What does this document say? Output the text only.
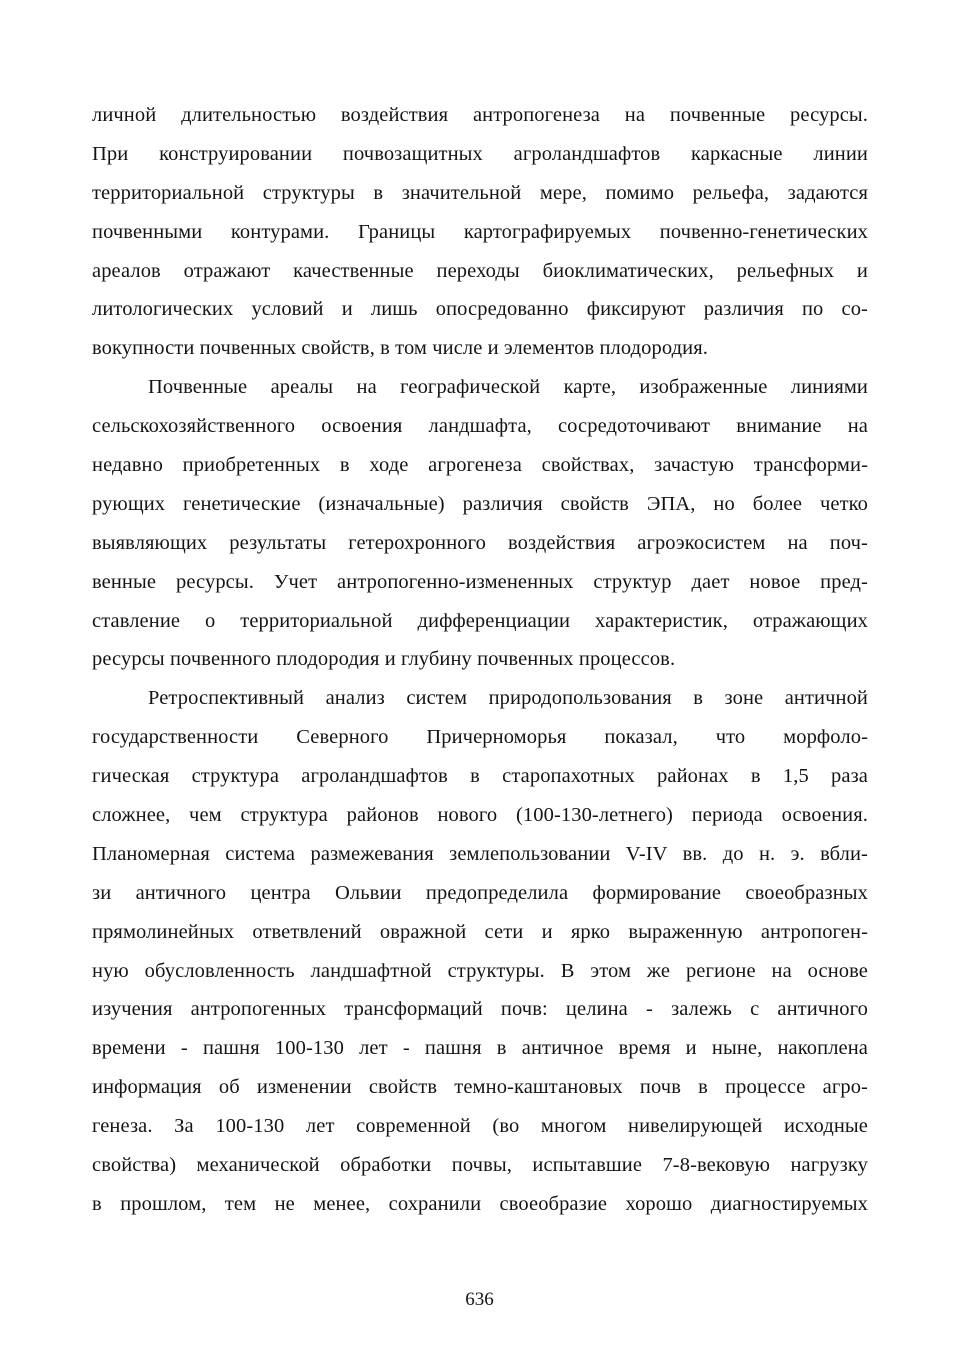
личной длительностью воздействия антропогенеза на почвенные ресурсы.
При конструировании почвозащитных агроландшафтов каркасные линии
территориальной структуры в значительной мере, помимо рельефа, задаются
почвенными контурами. Границы картографируемых почвенно-генетических
ареалов отражают качественные переходы биоклиматических, рельефных и
литологических условий и лишь опосредованно фиксируют различия по со-
вокупности почвенных свойств, в том числе и элементов плодородия.
Почвенные ареалы на географической карте, изображенные линиями
сельскохозяйственного освоения ландшафта, сосредоточивают внимание на
недавно приобретенных в ходе агрогенеза свойствах, зачастую трансформи-
рующих генетические (изначальные) различия свойств ЭПА, но более четко
выявляющих результаты гетерохронного воздействия агроэкосистем на поч-
венные ресурсы. Учет антропогенно-измененных структур дает новое пред-
ставление о территориальной дифференциации характеристик, отражающих
ресурсы почвенного плодородия и глубину почвенных процессов.
Ретроспективный анализ систем природопользования в зоне античной
государственности Северного Причерноморья показал, что морфоло-
гическая структура агроландшафтов в старопахотных районах в 1,5 раза
сложнее, чем структура районов нового (100-130-летнего) периода освоения.
Планомерная система размежевания землепользовании V-IV вв. до н. э. вбли-
зи античного центра Ольвии предопределила формирование своеобразных
прямолинейных ответвлений овражной сети и ярко выраженную антропоген-
ную обусловленность ландшафтной структуры. В этом же регионе на основе
изучения антропогенных трансформаций почв: целина - залежь с античного
времени - пашня 100-130 лет - пашня в античное время и ныне, накоплена
информация об изменении свойств темно-каштановых почв в процессе агро-
генеза. За 100-130 лет современной (во многом нивелирующей исходные
свойства) механической обработки почвы, испытавшие 7-8-вековую нагрузку
в прошлом, тем не менее, сохранили своеобразие хорошо диагностируемых
636
